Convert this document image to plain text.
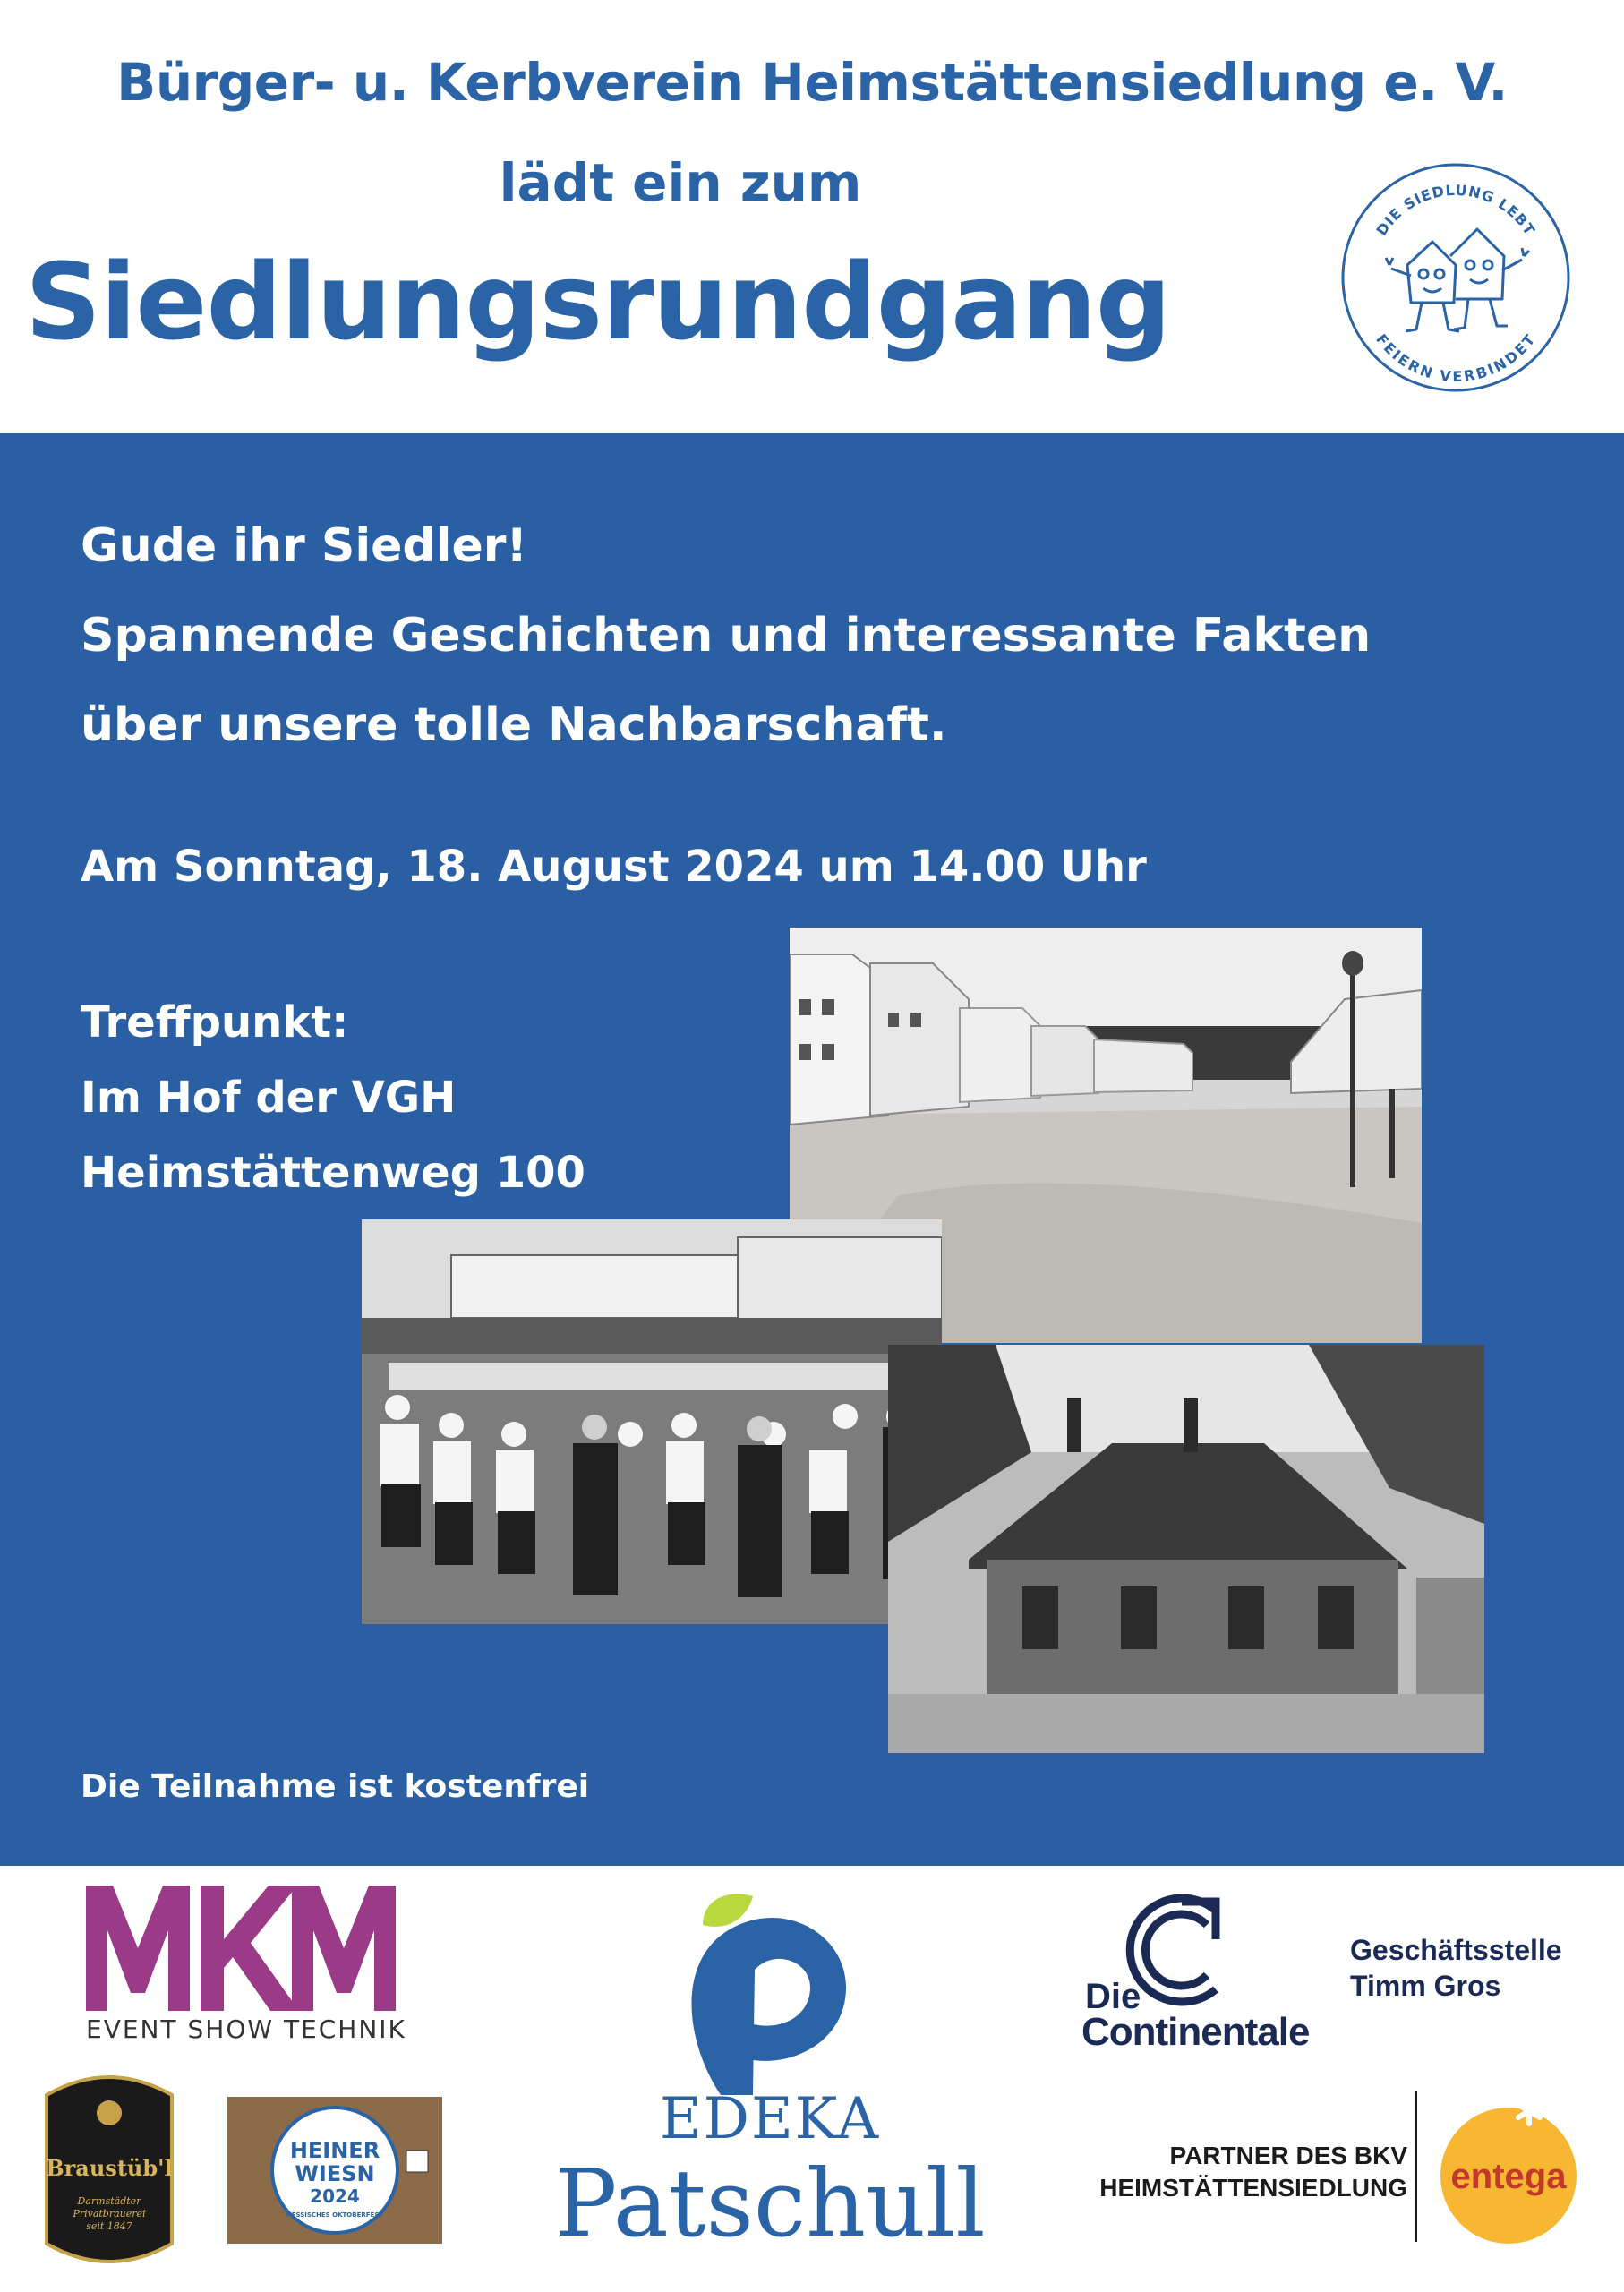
Bürger- u. Kerbverein Heimstättensiedlung e. V.
lädt ein zum
Siedlungsrundgang
DIE SIEDLUNG LEBT
FEIERN VERBINDET
Gude ihr Siedler!
Spannende Geschichten und interessante Fakten
über unsere tolle Nachbarschaft.
Am Sonntag, 18. August 2024 um 14.00 Uhr
Treffpunkt:
Im Hof der VGH
Heimstättenweg 100
Die Teilnahme ist kostenfrei
MKM
EVENT SHOW TECHNIK
EDEKA
Patschull
Die
Continentale
Geschäftsstelle
Timm Gros
Braustüb'l
Darmstädter
Privatbrauerei
seit 1847
HEINER
WIESN
2024
HESSISCHES OKTOBERFEST
PARTNER DES BKV
HEIMSTÄTTENSIEDLUNG entega
